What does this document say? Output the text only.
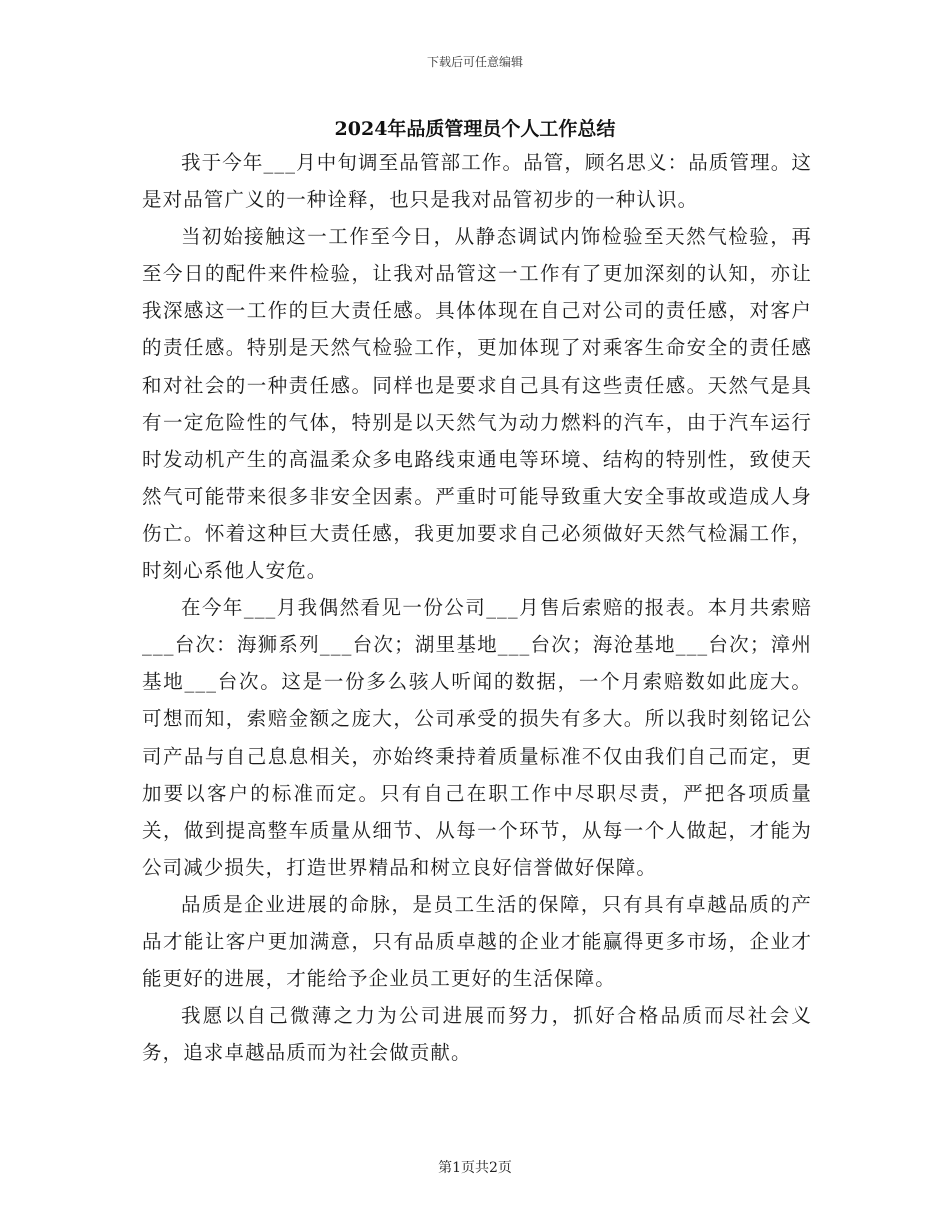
下载后可任意编辑
2024年品质管理员个人工作总结

我于今年___月中旬调至品管部工作。品管，顾名思义：品质管理。这是对品管广义的一种诠释，也只是我对品管初步的一种认识。

当初始接触这一工作至今日，从静态调试内饰检验至天然气检验，再至今日的配件来件检验，让我对品管这一工作有了更加深刻的认知，亦让我深感这一工作的巨大责任感。具体体现在自己对公司的责任感，对客户的责任感。特别是天然气检验工作，更加体现了对乘客生命安全的责任感和对社会的一种责任感。同样也是要求自己具有这些责任感。天然气是具有一定危险性的气体，特别是以天然气为动力燃料的汽车，由于汽车运行时发动机产生的高温柔众多电路线束通电等环境、结构的特别性，致使天然气可能带来很多非安全因素。严重时可能导致重大安全事故或造成人身伤亡。怀着这种巨大责任感，我更加要求自己必须做好天然气检漏工作，时刻心系他人安危。

在今年___月我偶然看见一份公司___月售后索赔的报表。本月共索赔___台次：海狮系列___台次；湖里基地___台次；海沧基地___台次；漳州基地___台次。这是一份多么骇人听闻的数据，一个月索赔数如此庞大。可想而知，索赔金额之庞大，公司承受的损失有多大。所以我时刻铭记公司产品与自己息息相关，亦始终秉持着质量标准不仅由我们自己而定，更加要以客户的标准而定。只有自己在职工作中尽职尽责，严把各项质量关，做到提高整车质量从细节、从每一个环节，从每一个人做起，才能为公司减少损失，打造世界精品和树立良好信誉做好保障。

品质是企业进展的命脉，是员工生活的保障，只有具有卓越品质的产品才能让客户更加满意，只有品质卓越的企业才能赢得更多市场，企业才能更好的进展，才能给予企业员工更好的生活保障。

我愿以自己微薄之力为公司进展而努力，抓好合格品质而尽社会义务，追求卓越品质而为社会做贡献。

第1页共2页
